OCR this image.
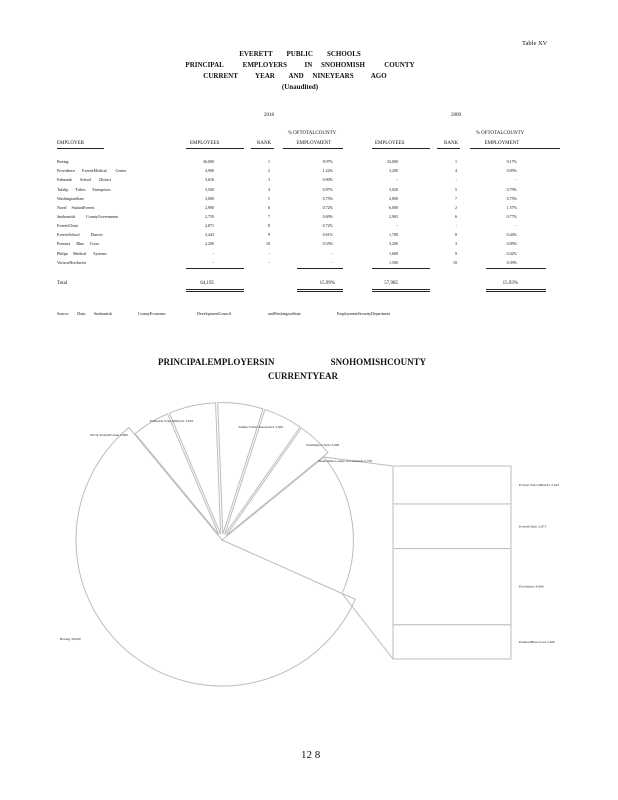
Table XV
EVERETT        PUBLIC        SCHOOLS
PRINCIPAL           EMPLOYERS          IN     SNOHOMISH           COUNTY
CURRENT          YEAR        AND     NINEYEARS          AGO
(Unaudited)
2018	2009
% OFTOTALCOUNTY	% OFTOTALCOUNTY
EMPLOYER	EMPLOYEES	RANK	EMPLOYMENT	EMPLOYEES	RANK	EMPLOYMENT
Boeing	36,000	1	8.97%	32,000	1	9.17%
Providence       EverettMedical         Center	4,906	2	1.22%	3,200	4	0.85%
Edmonds        School        District	3,616	3	0.90%	-	-	-
Tulalip       Tribes       Enterprises	3,500	4	0.87%	3,020	5	0.79%
WashingtonState	3,000	5	0.75%	2,800	7	0.75%
Naval     StationEverett	2,900	6	0.72%	6,000	2	1.57%
Snohomish           CountyGovernment	2,759	7	0.69%	2,965	6	0.77%
EverettClinic	2,871	8	0.72%	-	-	-
EverettSchool           District	2,443	9	0.61%	1,700	8	0.44%
Premera      Blue      Cross	2,200	10	0.55%	3,200	3	0.85%
Philips     Medical       Systems	-	-	-	1,600	9	0.42%
VerizonNorthwest	-	-	-	1,500	10	0.39%
Total	64,195	15.99%	57,985	15.93%
Source:        Data:        Snohomish	CountyEconomic	DevelopmentCouncil	andWashingtonState	EmploymentSecurityDepartment
PRINCIPALEMPLOYERSIN                         SNOHOMISHCOUNTY
CURRENTYEAR
Everett SchoolDistrict 2,443
EverettClinic 2,871
Providence 4,906
PremeraBlue Cross 2,200
Boeing 36,000
Naval StationEverett 2,900
Edmonds SchoolDistrict 3,616
Tulalip Tribes Enterprises 3,500
Washington State 3,000
Snohomish County Government 2,759
12 8
